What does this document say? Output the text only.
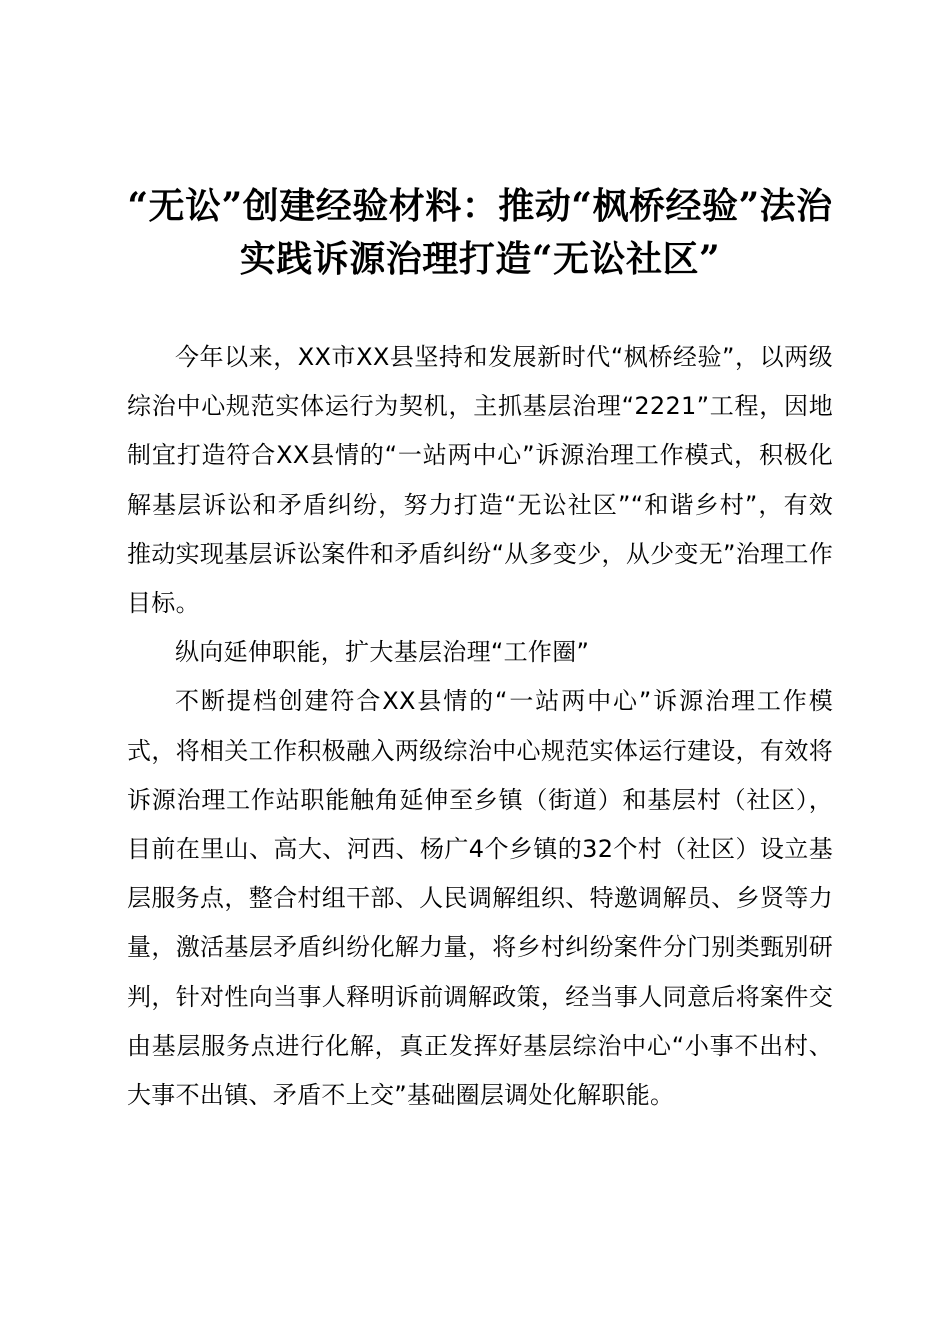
“无讼”创建经验材料：推动“枫桥经验”法治实践诉源治理打造“无讼社区”

今年以来，XX市XX县坚持和发展新时代“枫桥经验”，以两级综治中心规范实体运行为契机，主抓基层治理“2221”工程，因地制宜打造符合XX县情的“一站两中心”诉源治理工作模式，积极化解基层诉讼和矛盾纠纷，努力打造“无讼社区”“和谐乡村”，有效推动实现基层诉讼案件和矛盾纠纷“从多变少，从少变无”治理工作目标。

纵向延伸职能，扩大基层治理“工作圈”

不断提档创建符合XX县情的“一站两中心”诉源治理工作模式，将相关工作积极融入两级综治中心规范实体运行建设，有效将诉源治理工作站职能触角延伸至乡镇（街道）和基层村（社区），目前在里山、高大、河西、杨广4个乡镇的32个村（社区）设立基层服务点，整合村组干部、人民调解组织、特邀调解员、乡贤等力量，激活基层矛盾纠纷化解力量，将乡村纠纷案件分门别类甄别研判，针对性向当事人释明诉前调解政策，经当事人同意后将案件交由基层服务点进行化解，真正发挥好基层综治中心“小事不出村、大事不出镇、矛盾不上交”基础圈层调处化解职能。
